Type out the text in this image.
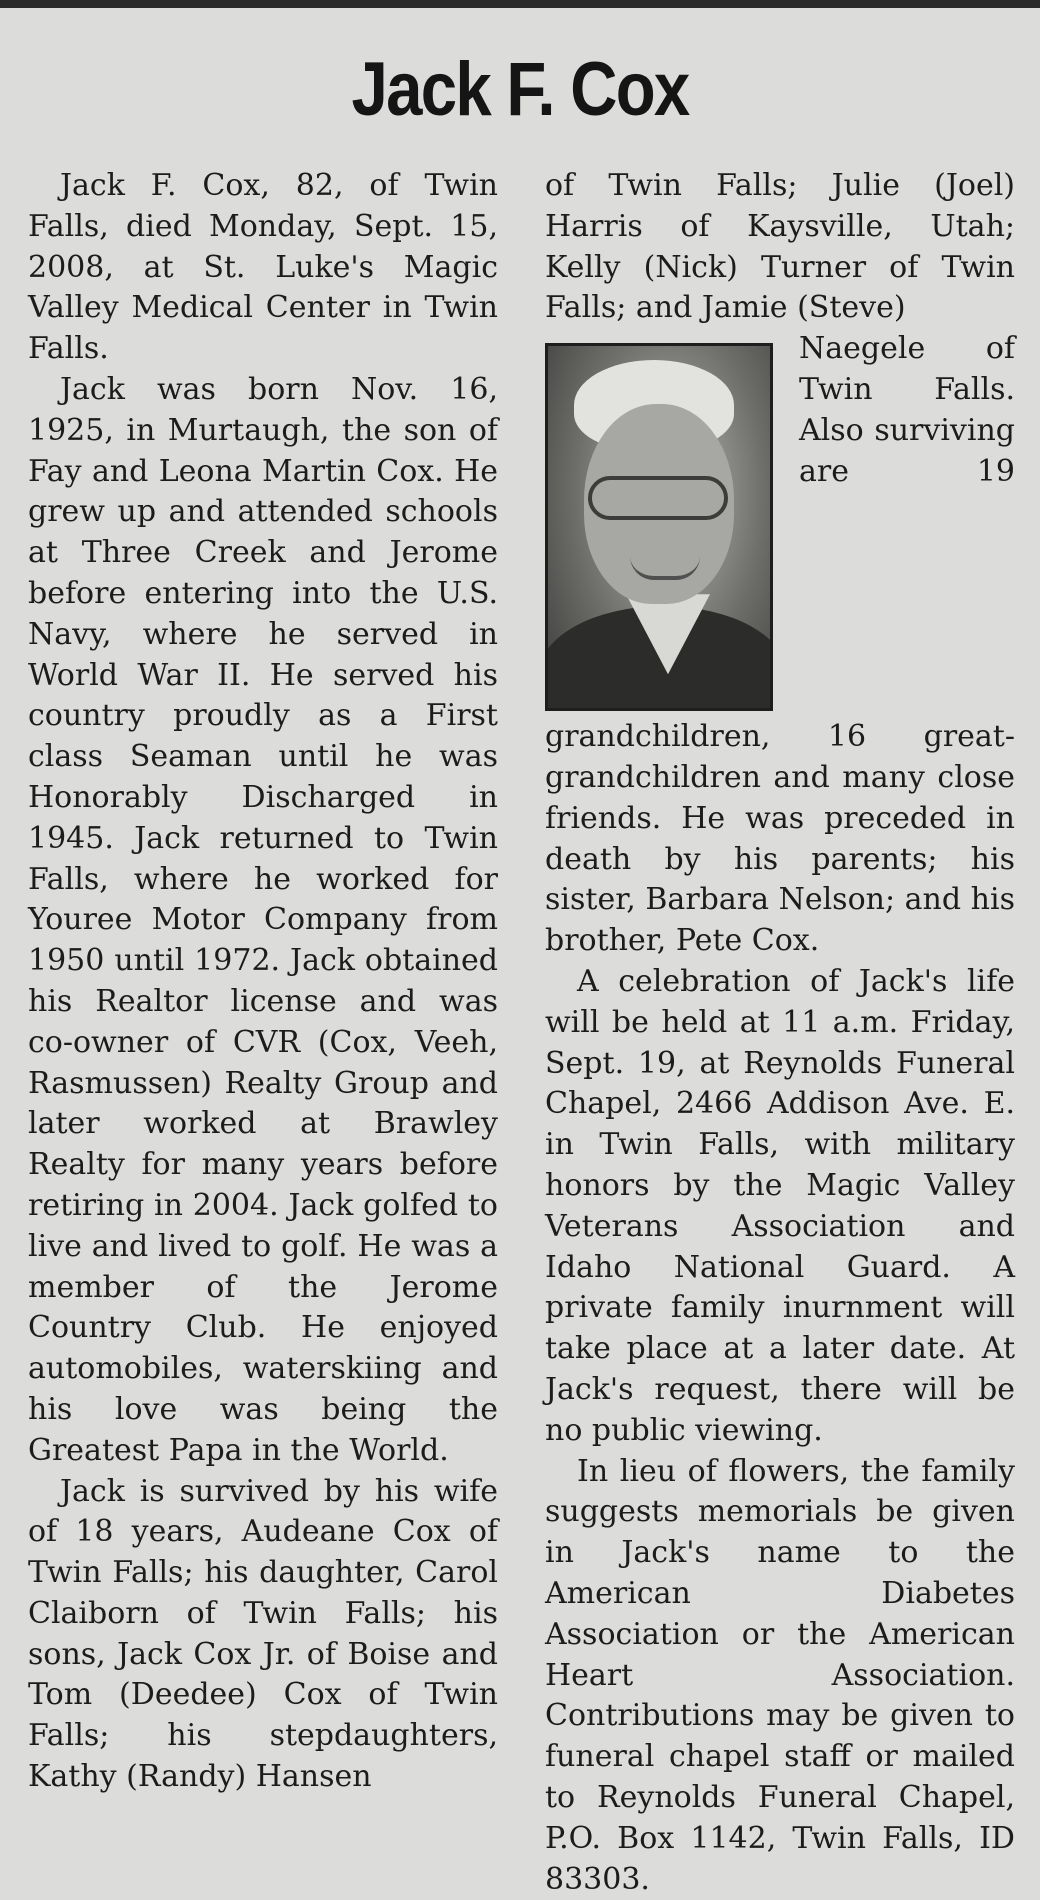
Jack F. Cox

Jack F. Cox, 82, of Twin Falls, died Monday, Sept. 15, 2008, at St. Luke's Magic Valley Medical Center in Twin Falls.

Jack was born Nov. 16, 1925, in Murtaugh, the son of Fay and Leona Martin Cox. He grew up and attended schools at Three Creek and Jerome before entering into the U.S. Navy, where he served in World War II. He served his country proudly as a First class Seaman until he was Honorably Discharged in 1945. Jack returned to Twin Falls, where he worked for Youree Motor Company from 1950 until 1972. Jack obtained his Realtor license and was co-owner of CVR (Cox, Veeh, Rasmussen) Realty Group and later worked at Brawley Realty for many years before retiring in 2004. Jack golfed to live and lived to golf. He was a member of the Jerome Country Club. He enjoyed automobiles, waterskiing and his love was being the Greatest Papa in the World.

Jack is survived by his wife of 18 years, Audeane Cox of Twin Falls; his daughter, Carol Claiborn of Twin Falls; his sons, Jack Cox Jr. of Boise and Tom (Deedee) Cox of Twin Falls; his stepdaughters, Kathy (Randy) Hansen

of Twin Falls; Julie (Joel) Harris of Kaysville, Utah; Kelly (Nick) Turner of Twin Falls; and Jamie (Steve)

Naegele of Twin Falls. Also surviving are 19 grandchildren, 16 great-grandchildren and many close friends. He was preceded in death by his parents; his sister, Barbara Nelson; and his brother, Pete Cox.

A celebration of Jack's life will be held at 11 a.m. Friday, Sept. 19, at Reynolds Funeral Chapel, 2466 Addison Ave. E. in Twin Falls, with military honors by the Magic Valley Veterans Association and Idaho National Guard. A private family inurnment will take place at a later date. At Jack's request, there will be no public viewing.

In lieu of flowers, the family suggests memorials be given in Jack's name to the American Diabetes Association or the American Heart Association. Contributions may be given to funeral chapel staff or mailed to Reynolds Funeral Chapel, P.O. Box 1142, Twin Falls, ID 83303.
